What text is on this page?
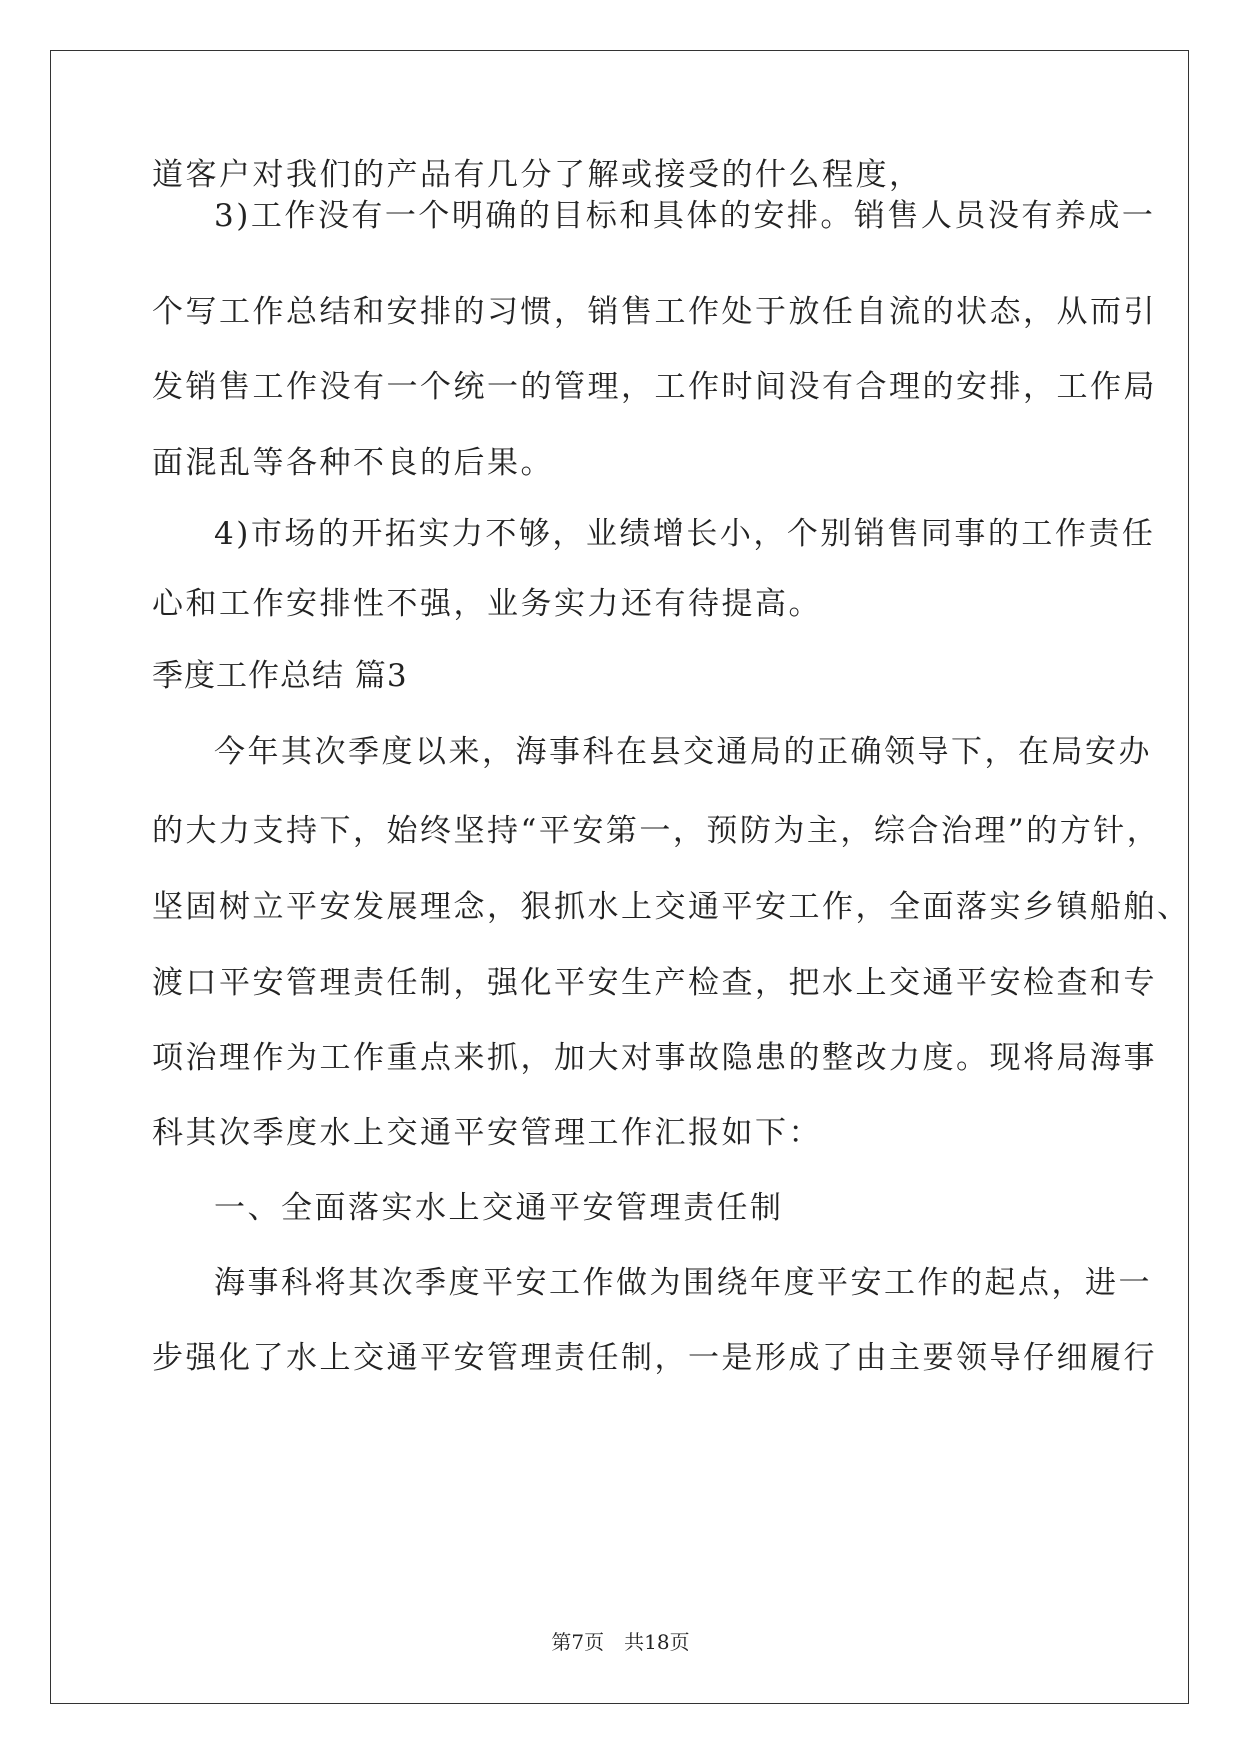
道客户对我们的产品有几分了解或接受的什么程度，
3)工作没有一个明确的目标和具体的安排。销售人员没有养成一
个写工作总结和安排的习惯，销售工作处于放任自流的状态，从而引
发销售工作没有一个统一的管理，工作时间没有合理的安排，工作局
面混乱等各种不良的后果。
4)市场的开拓实力不够，业绩增长小，个别销售同事的工作责任
心和工作安排性不强，业务实力还有待提高。
季度工作总结 篇3
今年其次季度以来，海事科在县交通局的正确领导下，在局安办
的大力支持下，始终坚持“平安第一，预防为主，综合治理”的方针，
坚固树立平安发展理念，狠抓水上交通平安工作，全面落实乡镇船舶、
渡口平安管理责任制，强化平安生产检查，把水上交通平安检查和专
项治理作为工作重点来抓，加大对事故隐患的整改力度。现将局海事
科其次季度水上交通平安管理工作汇报如下：
一、全面落实水上交通平安管理责任制
海事科将其次季度平安工作做为围绕年度平安工作的起点，进一
步强化了水上交通平安管理责任制，一是形成了由主要领导仔细履行
第7页　共18页
